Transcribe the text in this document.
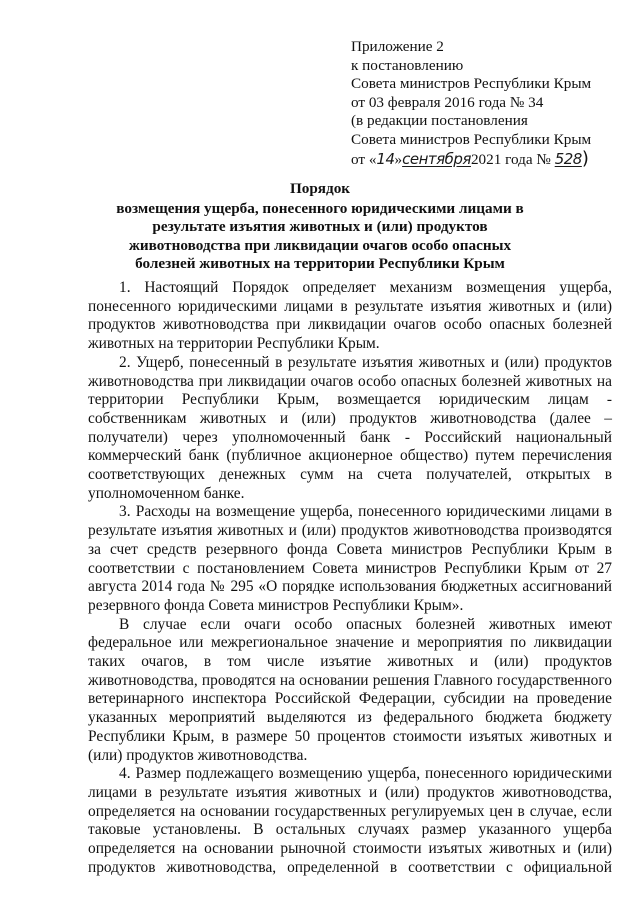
Приложение 2
к постановлению
Совета министров Республики Крым
от 03 февраля 2016 года № 34
(в редакции постановления
Совета министров Республики Крым
от «14»сентября2021 года № 528)
Порядок
возмещения ущерба, понесенного юридическими лицами в результате изъятия животных и (или) продуктов животноводства при ликвидации очагов особо опасных болезней животных на территории Республики Крым

1. Настоящий Порядок определяет механизм возмещения ущерба, понесенного юридическими лицами в результате изъятия животных и (или) продуктов животноводства при ликвидации очагов особо опасных болезней животных на территории Республики Крым.

2. Ущерб, понесенный в результате изъятия животных и (или) продуктов животноводства при ликвидации очагов особо опасных болезней животных на территории Республики Крым, возмещается юридическим лицам - собственникам животных и (или) продуктов животноводства (далее – получатели) через уполномоченный банк - Российский национальный коммерческий банк (публичное акционерное общество) путем перечисления соответствующих денежных сумм на счета получателей, открытых в уполномоченном банке.

3. Расходы на возмещение ущерба, понесенного юридическими лицами в результате изъятия животных и (или) продуктов животноводства производятся за счет средств резервного фонда Совета министров Республики Крым в соответствии с постановлением Совета министров Республики Крым от 27 августа 2014 года № 295 «О порядке использования бюджетных ассигнований резервного фонда Совета министров Республики Крым».

В случае если очаги особо опасных болезней животных имеют федеральное или межрегиональное значение и мероприятия по ликвидации таких очагов, в том числе изъятие животных и (или) продуктов животноводства, проводятся на основании решения Главного государственного ветеринарного инспектора Российской Федерации, субсидии на проведение указанных мероприятий выделяются из федерального бюджета бюджету Республики Крым, в размере 50 процентов стоимости изъятых животных и (или) продуктов животноводства.

4. Размер подлежащего возмещению ущерба, понесенного юридическими лицами в результате изъятия животных и (или) продуктов животноводства, определяется на основании государственных регулируемых цен в случае, если таковые установлены. В остальных случаях размер указанного ущерба определяется на основании рыночной стоимости изъятых животных и (или) продуктов животноводства, определенной в соответствии с официальной
